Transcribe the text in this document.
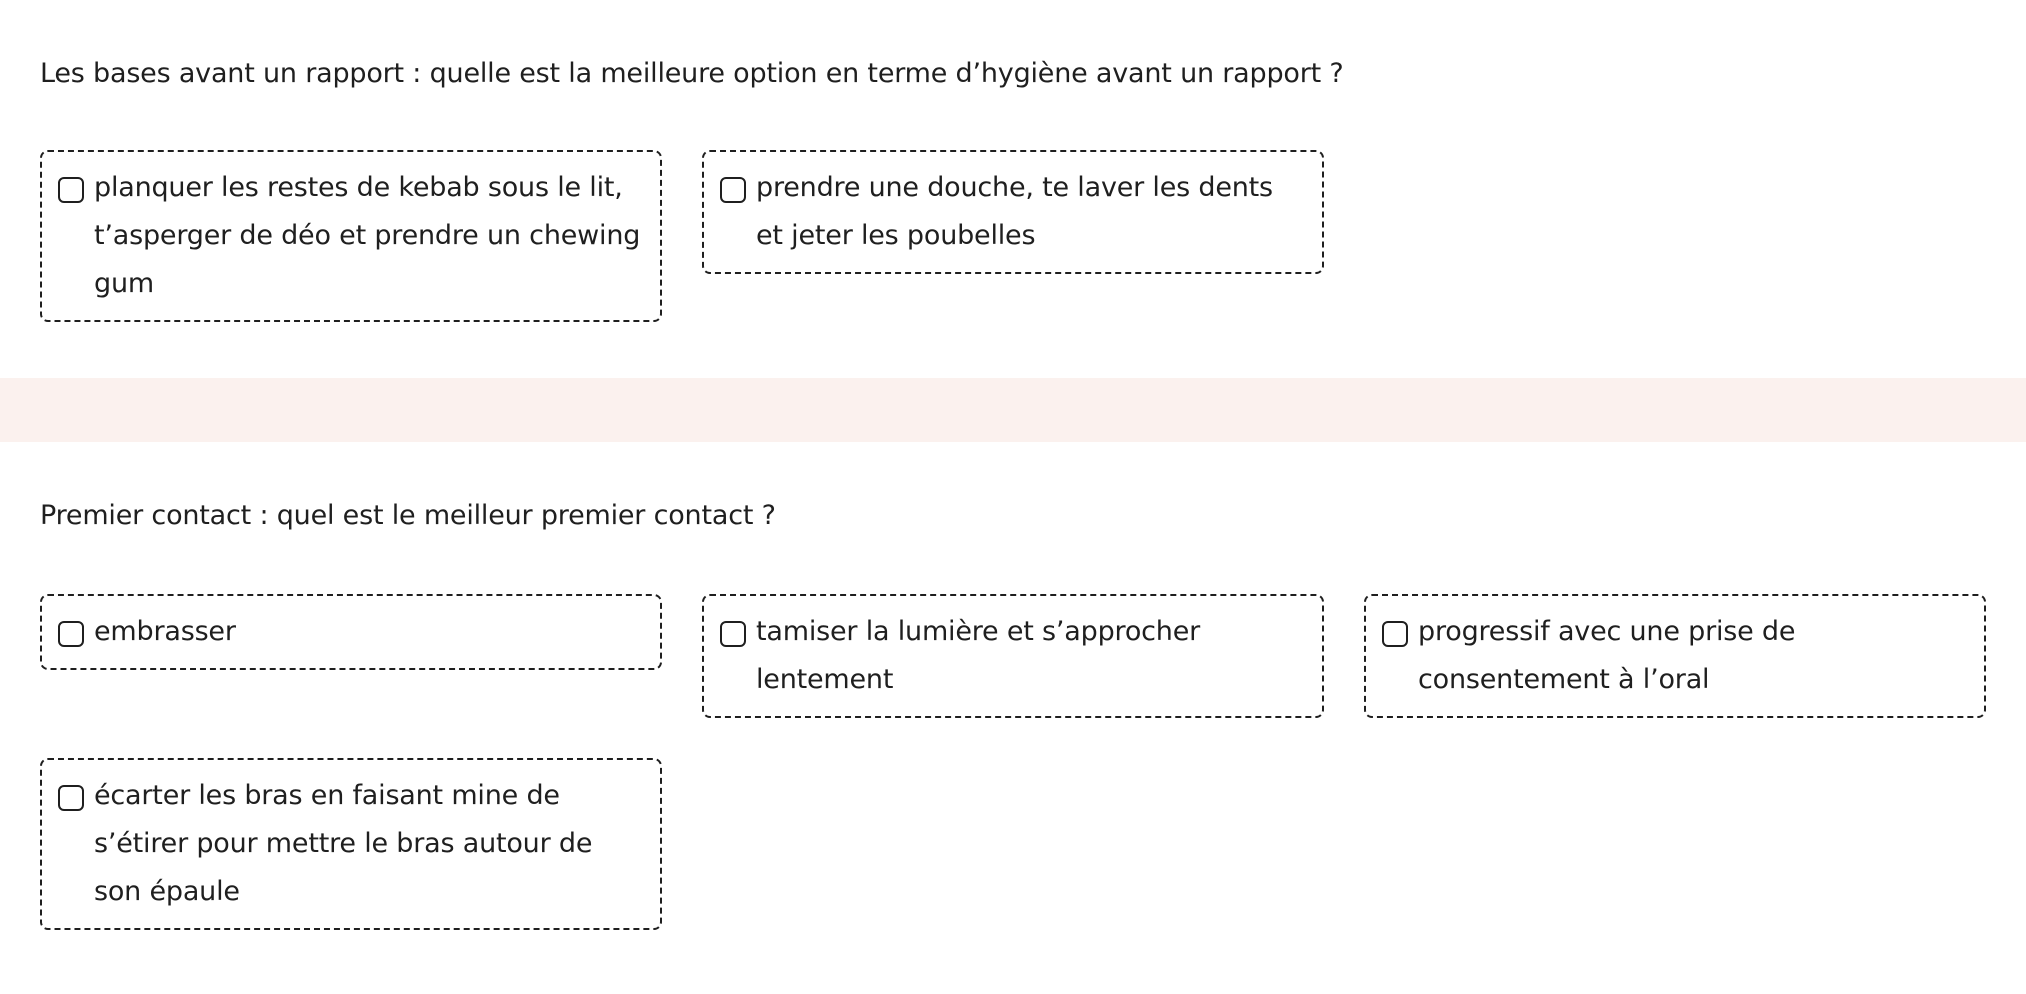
Les bases avant un rapport : quelle est la meilleure option en terme d’hygiène avant un rapport ?

planquer les restes de kebab sous le lit, t’asperger de déo et prendre un chewing gum
prendre une douche, te laver les dents et jeter les poubelles

Premier contact : quel est le meilleur premier contact ?

embrasser	tamiser la lumière et s’approcher lentement
progressif avec une prise de consentement à l’oral
écarter les bras en faisant mine de s’étirer pour mettre le bras autour de son épaule
